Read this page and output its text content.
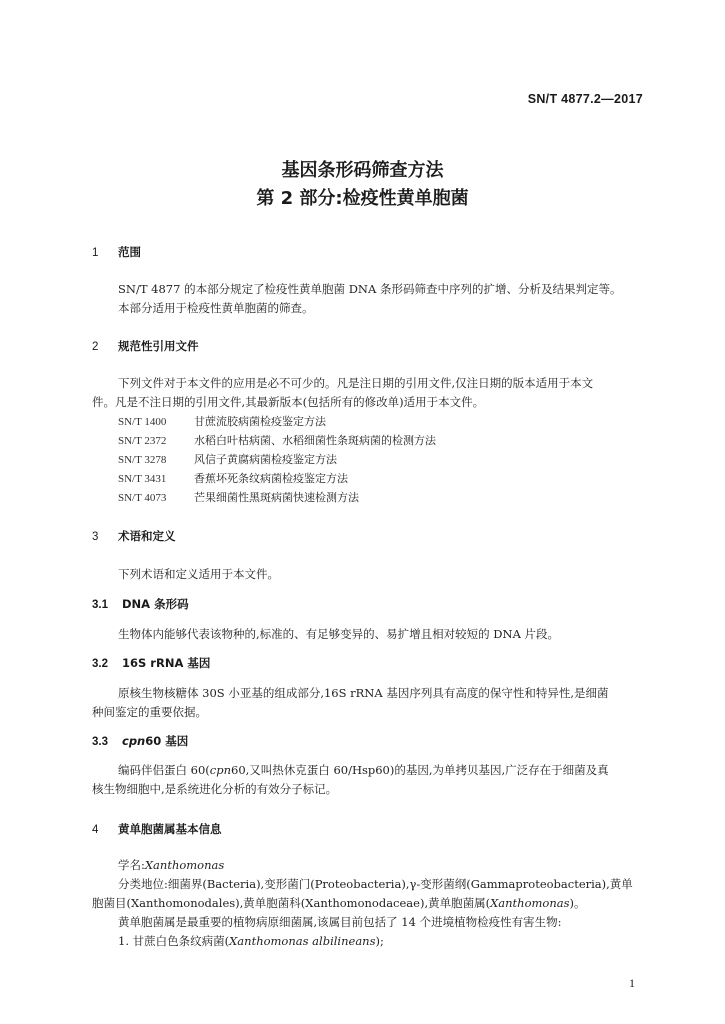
SN/T 4877.2—2017
基因条形码筛查方法
第 2 部分:检疫性黄单胞菌
1 范围
SN/T 4877 的本部分规定了检疫性黄单胞菌 DNA 条形码筛查中序列的扩增、分析及结果判定等。
本部分适用于检疫性黄单胞菌的筛查。
2 规范性引用文件
下列文件对于本文件的应用是必不可少的。凡是注日期的引用文件,仅注日期的版本适用于本文
件。凡是不注日期的引用文件,其最新版本(包括所有的修改单)适用于本文件。
SN/T 1400	甘蔗流胶病菌检疫鉴定方法
SN/T 2372	水稻白叶枯病菌、水稻细菌性条斑病菌的检测方法
SN/T 3278	风信子黄腐病菌检疫鉴定方法
SN/T 3431	香蕉坏死条纹病菌检疫鉴定方法
SN/T 4073	芒果细菌性黑斑病菌快速检测方法
3 术语和定义
下列术语和定义适用于本文件。
3.1 DNA 条形码
生物体内能够代表该物种的,标准的、有足够变异的、易扩增且相对较短的 DNA 片段。
3.2 16S rRNA 基因
原核生物核糖体 30S 小亚基的组成部分,16S rRNA 基因序列具有高度的保守性和特异性,是细菌
种间鉴定的重要依据。
3.3 cpn60 基因
编码伴侣蛋白 60(cpn60,又叫热休克蛋白 60/Hsp60)的基因,为单拷贝基因,广泛存在于细菌及真
核生物细胞中,是系统进化分析的有效分子标记。
4 黄单胞菌属基本信息
学名:Xanthomonas
分类地位:细菌界(Bacteria),变形菌门(Proteobacteria),γ-变形菌纲(Gammaproteobacteria),黄单
胞菌目(Xanthomonodales),黄单胞菌科(Xanthomonodaceae),黄单胞菌属(Xanthomonas)。
黄单胞菌属是最重要的植物病原细菌属,该属目前包括了 14 个进境植物检疫性有害生物:
1. 甘蔗白色条纹病菌(Xanthomonas albilineans);
1
